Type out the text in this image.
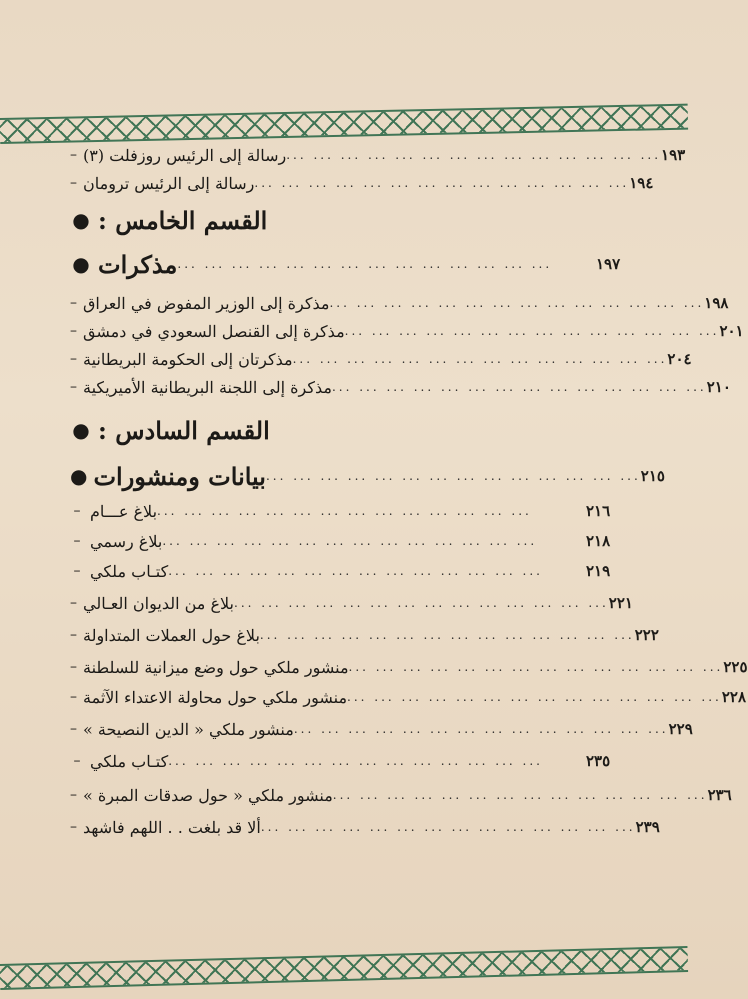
– رسالة إلى الرئيس روزفلت (٣) ... ... ... ... ... ... ... ... ... ... ... ... ... ... ١٩٣
– رسالة إلى الرئيس ترومان ... ... ... ... ... ... ... ... ... ... ... ... ... ... ١٩٤
● القسم الخامس :
● مذكرات ... ... ... ... ... ... ... ... ... ... ... ... ... ...	١٩٧
– مذكرة إلى الوزير المفوض في العراق ... ... ... ... ... ... ... ... ... ... ... ... ... ... ١٩٨
– مذكرة إلى القنصل السعودي في دمشق ... ... ... ... ... ... ... ... ... ... ... ... ... ... ٢٠١
– مذكرتان إلى الحكومة البريطانية ... ... ... ... ... ... ... ... ... ... ... ... ... ... ٢٠٤
– مذكرة إلى اللجنة البريطانية الأميريكية ... ... ... ... ... ... ... ... ... ... ... ... ... ... ٢١٠
● القسم السادس :
● بيانات ومنشورات ... ... ... ... ... ... ... ... ... ... ... ... ... ... ٢١٥
– بلاغ عـــام ... ... ... ... ... ... ... ... ... ... ... ... ... ...	٢١٦
– بلاغ رسمي ... ... ... ... ... ... ... ... ... ... ... ... ... ...	٢١٨
– كتـاب ملكي ... ... ... ... ... ... ... ... ... ... ... ... ... ...	٢١٩
– بلاغ من الديوان العـالي ... ... ... ... ... ... ... ... ... ... ... ... ... ... ٢٢١
– بلاغ حول العملات المتداولة ... ... ... ... ... ... ... ... ... ... ... ... ... ... ٢٢٢
– منشور ملكي حول وضع ميزانية للسلطنة ... ... ... ... ... ... ... ... ... ... ... ... ... ... ٢٢٥
– منشور ملكي حول محاولة الاعتداء الآثمة ... ... ... ... ... ... ... ... ... ... ... ... ... ... ٢٢٨
– منشور ملكي « الدين النصيحة » ... ... ... ... ... ... ... ... ... ... ... ... ... ... ٢٢٩
– كتـاب ملكي ... ... ... ... ... ... ... ... ... ... ... ... ... ...	٢٣٥
– منشور ملكي « حول صدقات المبرة » ... ... ... ... ... ... ... ... ... ... ... ... ... ... ٢٣٦
– ألا قد بلغت . . اللهم فاشهد ... ... ... ... ... ... ... ... ... ... ... ... ... ... ٢٣٩
